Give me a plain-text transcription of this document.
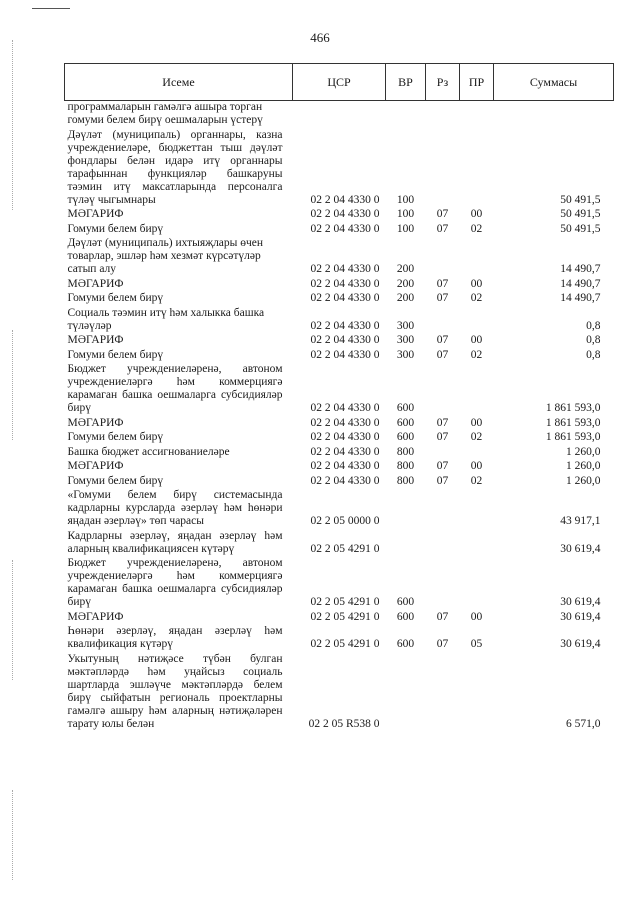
466
Исеме	ЦСР	ВР	Рз	ПР	Суммасы
программаларын гамәлгә ашыра торган гомуми белем бирү оешмаларын үстерү					
Дәүләт (муниципаль) органнары, казна учреждениеләре, бюджеттан тыш дәүләт фондлары белән идарә итү органнары тарафыннан функцияләр башкаруны тәэмин итү максатларында персоналга түләү чыгымнары	02 2 04 4330 0	100			50 491,5
МӘГАРИФ	02 2 04 4330 0	100	07	00	50 491,5
Гомуми белем бирү	02 2 04 4330 0	100	07	02	50 491,5
Дәүләт (муниципаль) ихтыяҗлары өчен товарлар, эшләр һәм хезмәт күрсәтүләр сатып алу	02 2 04 4330 0	200			14 490,7
МӘГАРИФ	02 2 04 4330 0	200	07	00	14 490,7
Гомуми белем бирү	02 2 04 4330 0	200	07	02	14 490,7
Социаль тәэмин итү һәм халыкка башка түләүләр	02 2 04 4330 0	300			0,8
МӘГАРИФ	02 2 04 4330 0	300	07	00	0,8
Гомуми белем бирү	02 2 04 4330 0	300	07	02	0,8
Бюджет учреждениеләренә, автоном учреждениеләргә һәм коммерциягә карамаган башка оешмаларга субсидияләр бирү	02 2 04 4330 0	600			1 861 593,0
МӘГАРИФ	02 2 04 4330 0	600	07	00	1 861 593,0
Гомуми белем бирү	02 2 04 4330 0	600	07	02	1 861 593,0
Башка бюджет ассигнованиеләре	02 2 04 4330 0	800			1 260,0
МӘГАРИФ	02 2 04 4330 0	800	07	00	1 260,0
Гомуми белем бирү	02 2 04 4330 0	800	07	02	1 260,0
«Гомуми белем бирү системасында кадрларны курсларда әзерләү һәм һөнәри яңадан әзерләү» төп чарасы	02 2 05 0000 0				43 917,1
Кадрларны әзерләү, яңадан әзерләү һәм аларның квалификациясен күтәрү	02 2 05 4291 0				30 619,4
Бюджет учреждениеләренә, автоном учреждениеләргә һәм коммерциягә карамаган башка оешмаларга субсидияләр бирү	02 2 05 4291 0	600			30 619,4
МӘГАРИФ	02 2 05 4291 0	600	07	00	30 619,4
Һөнәри әзерләү, яңадан әзерләү һәм квалификация күтәрү	02 2 05 4291 0	600	07	05	30 619,4
Укытуның нәтиҗәсе түбән булган мәктәпләрдә һәм уңайсыз социаль шартларда эшләүче мәктәпләрдә белем бирү сыйфатын региональ проектларны гамәлгә ашыру һәм аларның нәтиҗәләрен тарату юлы белән	02 2 05 R538 0				6 571,0
